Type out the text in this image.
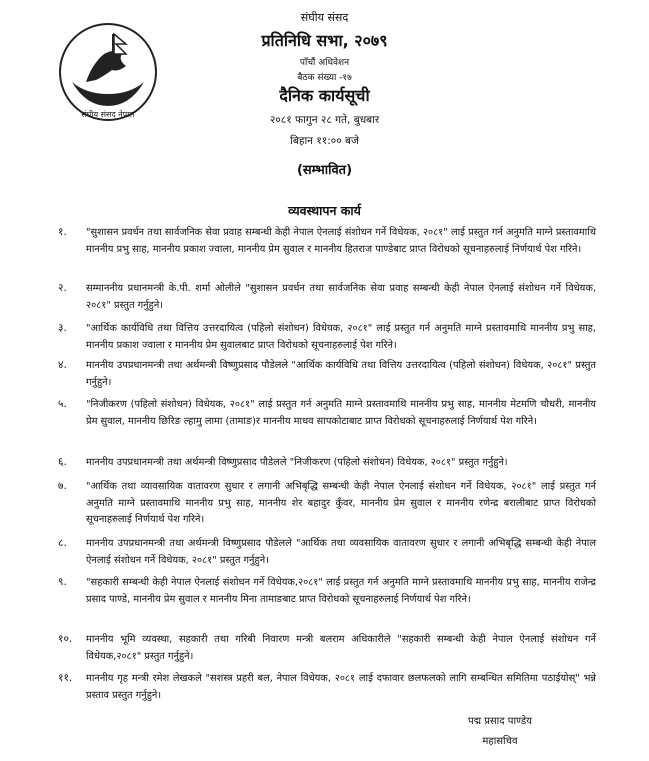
संघीय संसद नेपाल
संघीय संसद
प्रतिनिधि सभा, २०७९
पाँचौं अधिवेशन
बैठक संख्या -१७
दैनिक कार्यसूची
२०८१ फागुन २८ गते, बुधबार
बिहान ११:०० बजे
(सम्भावित)
व्यवस्थापन कार्य
१. "सुशासन प्रवर्धन तथा सार्वजनिक सेवा प्रवाह सम्बन्धी केही नेपाल ऐनलाई संशोधन गर्ने विधेयक, २०८१" लाई प्रस्तुत गर्न अनुमति माग्ने प्रस्तावमाथि माननीय प्रभु साह, माननीय प्रकाश ज्वाला, माननीय प्रेम सुवाल र माननीय हितराज पाण्डेबाट प्राप्त विरोधको सूचनाहरुलाई निर्णयार्थ पेश गरिने।
२. सम्माननीय प्रधानमन्त्री के.पी. शर्मा ओलीले "सुशासन प्रवर्धन तथा सार्वजनिक सेवा प्रवाह सम्बन्धी केही नेपाल ऐनलाई संशोधन गर्ने विधेयक, २०८१" प्रस्तुत गर्नुहुने।
३. "आर्थिक कार्यविधि तथा वित्तिय उत्तरदायित्व (पहिलो संशोधन) विधेयक, २०८१" लाई प्रस्तुत गर्न अनुमति माग्ने प्रस्तावमाथि माननीय प्रभु साह, माननीय प्रकाश ज्वाला र माननीय प्रेम सुवालबाट प्राप्त विरोधको सूचनाहरुलाई पेश गरिने।
४. माननीय उपप्रधानमन्त्री तथा अर्थमन्त्री विष्णुप्रसाद पौडेलले "आर्थिक कार्यविधि तथा वित्तिय उत्तरदायित्व (पहिलो संशोधन) विधेयक, २०८१" प्रस्तुत गर्नुहुने।
५. "निजीकरण (पहिलो संशोधन) विधेयक, २०८१" लाई प्रस्तुत गर्न अनुमति माग्ने प्रस्तावमाथि माननीय प्रभु साह, माननीय मेटमणि चौधरी, माननीय प्रेम सुवाल, माननीय छिरिङ ल्हामु लामा (तामाङ)र माननीय माधव सापकोटाबाट प्राप्त विरोधको सूचनाहरुलाई निर्णयार्थ पेश गरिने।
६. माननीय उपप्रधानमन्त्री तथा अर्थमन्त्री विष्णुप्रसाद पौडेलले "निजीकरण (पहिलो संशोधन) विधेयक, २०८१" प्रस्तुत गर्नुहुने।
७. "आर्थिक तथा व्यावसायिक वातावरण सुधार र लगानी अभिबृद्धि सम्बन्धी केही नेपाल ऐनलाई संशोधन गर्ने विधेयक, २०८१" लाई प्रस्तुत गर्न अनुमति माग्ने प्रस्तावमाथि माननीय प्रभु साह, माननीय शेर बहादुर कुँवर, माननीय प्रेम सुवाल र माननीय रणेन्द्र बराली‌बाट प्राप्त विरोधको सूचनाहरुलाई निर्णयार्थ पेश गरिने।
८. माननीय उपप्रधानमन्त्री तथा अर्थमन्त्री विष्णुप्रसाद पौडेलले "आर्थिक तथा व्यवसायिक वातावरण सुधार र लगानी अभिबृद्धि सम्बन्धी केही नेपाल ऐनलाई संशोधन गर्ने विधेयक, २०८१" प्रस्तुत गर्नुहुने।
९. "सहकारी सम्बन्धी केही नेपाल ऐनलाई संशोधन गर्ने विधेयक,२०८१" लाई प्रस्तुत गर्न अनुमति माग्ने प्रस्तावमाथि माननीय प्रभु साह, माननीय राजेन्द्र प्रसाद पाण्डे, माननीय प्रेम सुवाल र माननीय मिना तामाङबाट प्राप्त विरोधको सूचनाहरुलाई निर्णयार्थ पेश गरिने।
१०. माननीय भूमि व्यवस्था, सहकारी तथा गरिबी निवारण मन्त्री बलराम अधिकारीले "सहकारी सम्बन्धी केही नेपाल ऐनलाई संशोधन गर्ने विधेयक,२०८१" प्रस्तुत गर्नुहुने।
११. माननीय गृह मन्त्री रमेश लेखकले "सशस्त्र प्रहरी बल, नेपाल विधेयक, २०८१ लाई दफावार छलफलको लागि सम्बन्धित समितिमा पठाईयोस्" भन्ने प्रस्ताव प्रस्तुत गर्नुहुने।
पद्म प्रसाद पाण्डेय
महासचिव
